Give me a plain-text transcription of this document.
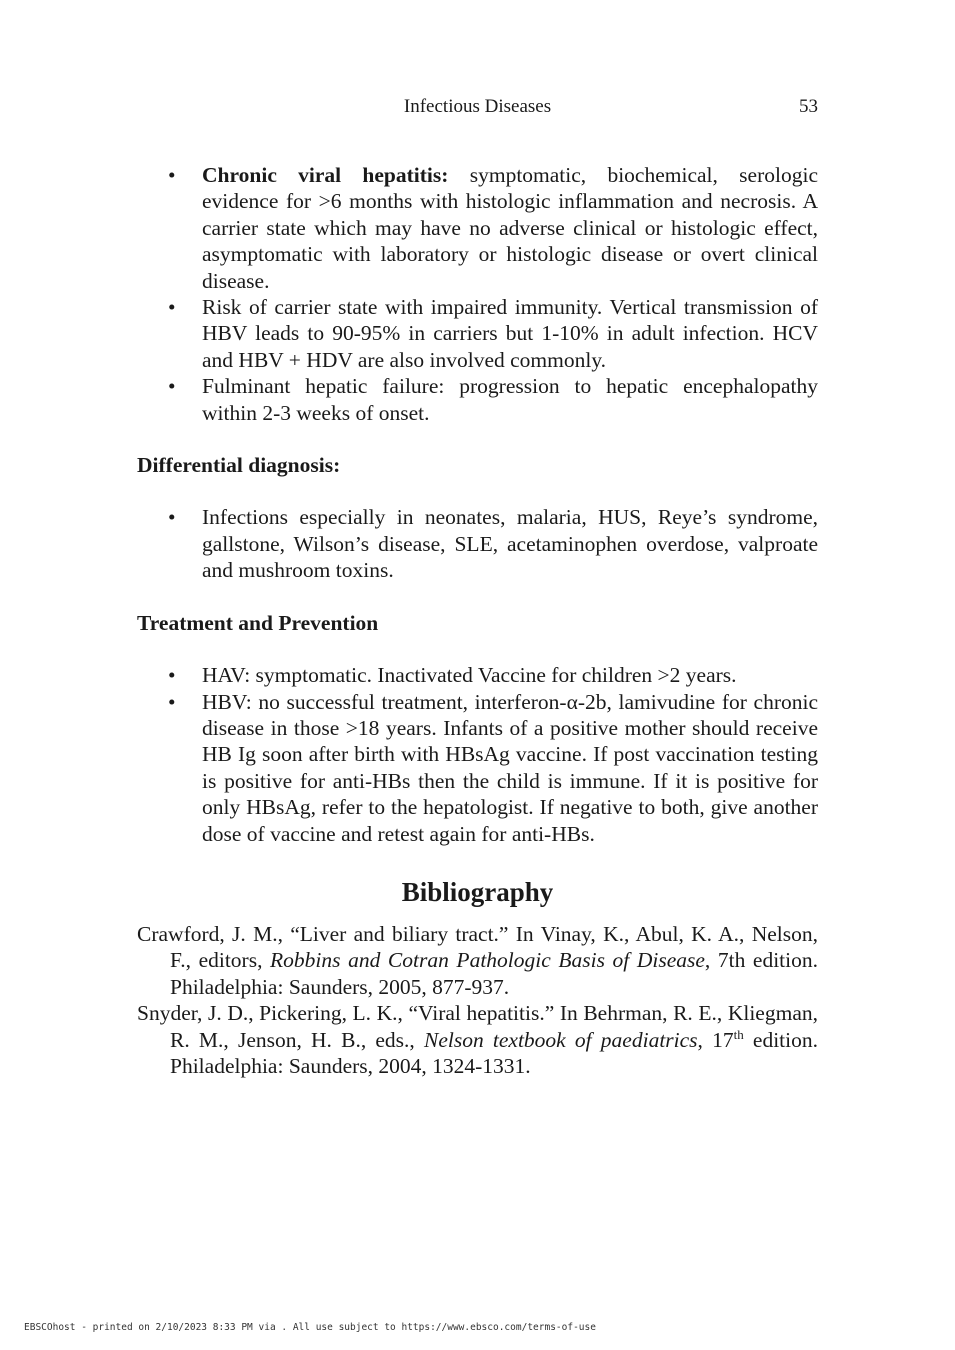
Infectious Diseases	53
• Chronic viral hepatitis: symptomatic, biochemical, serologic evidence for >6 months with histologic inflammation and necrosis. A carrier state which may have no adverse clinical or histologic effect, asymptomatic with laboratory or histologic disease or overt clinical disease.
• Risk of carrier state with impaired immunity. Vertical transmission of HBV leads to 90-95% in carriers but 1-10% in adult infection. HCV and HBV + HDV are also involved commonly.
• Fulminant hepatic failure: progression to hepatic encephalopathy within 2-3 weeks of onset.

Differential diagnosis:

• Infections especially in neonates, malaria, HUS, Reye’s syndrome, gallstone, Wilson’s disease, SLE, acetaminophen overdose, valproate and mushroom toxins.

Treatment and Prevention

• HAV: symptomatic. Inactivated Vaccine for children >2 years.
• HBV: no successful treatment, interferon-α-2b, lamivudine for chronic disease in those >18 years. Infants of a positive mother should receive HB Ig soon after birth with HBsAg vaccine. If post vaccination testing is positive for anti-HBs then the child is immune. If it is positive for only HBsAg, refer to the hepatologist. If negative to both, give another dose of vaccine and retest again for anti-HBs.

Bibliography

Crawford, J. M., “Liver and biliary tract.” In Vinay, K., Abul, K. A., Nelson, F., editors, Robbins and Cotran Pathologic Basis of Disease, 7th edition. Philadelphia: Saunders, 2005, 877-937.
Snyder, J. D., Pickering, L. K., “Viral hepatitis.” In Behrman, R. E., Kliegman, R. M., Jenson, H. B., eds., Nelson textbook of paediatrics, 17th edition. Philadelphia: Saunders, 2004, 1324-1331.
EBSCOhost - printed on 2/10/2023 8:33 PM via . All use subject to https://www.ebsco.com/terms-of-use
